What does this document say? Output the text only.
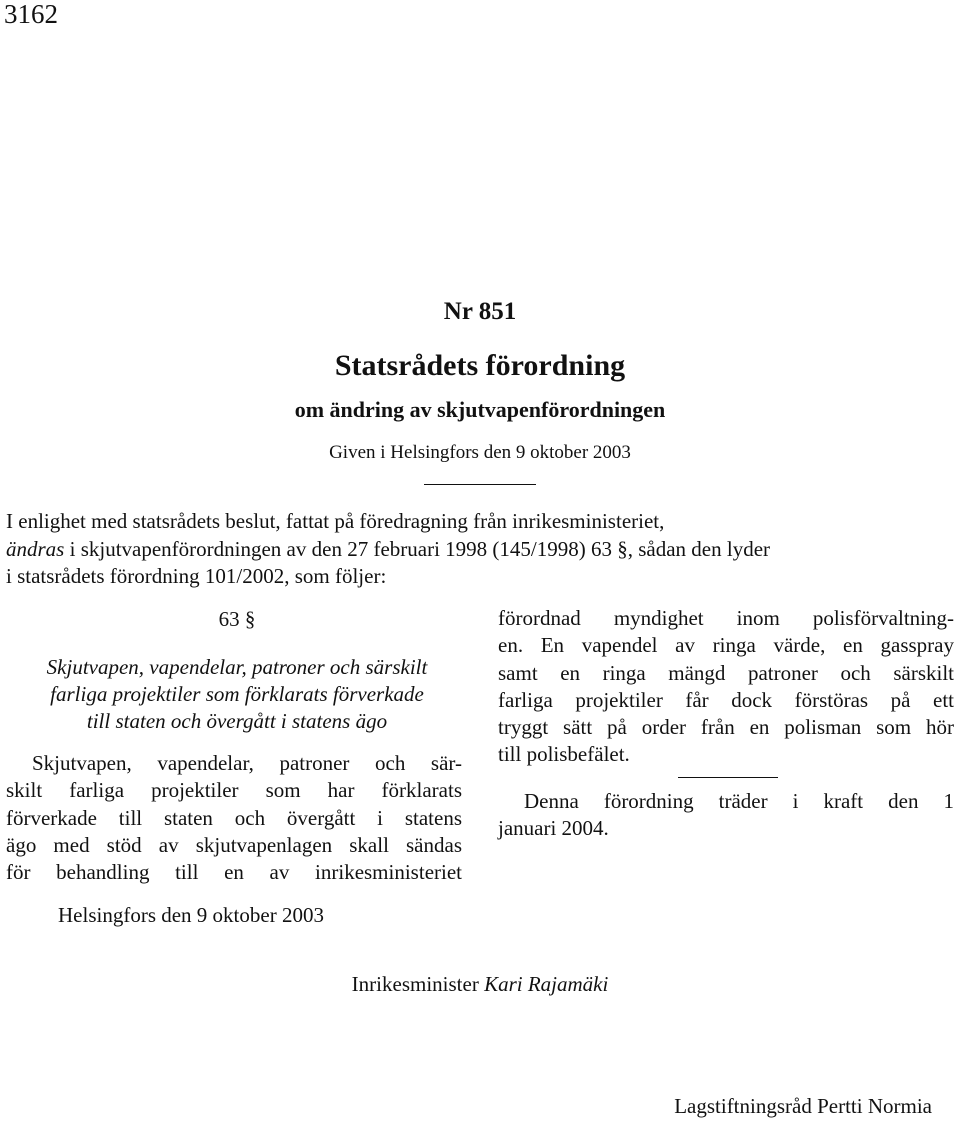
3162
Nr 851
Statsrådets förordning
om ändring av skjutvapenförordningen
Given i Helsingfors den 9 oktober 2003
I enlighet med statsrådets beslut, fattat på föredragning från inrikesministeriet,
ändras i skjutvapenförordningen av den 27 februari 1998 (145/1998) 63 §, sådan den lyder
i statsrådets förordning 101/2002, som följer:
63 §
Skjutvapen, vapendelar, patroner och särskilt
farliga projektiler som förklarats förverkade
till staten och övergått i statens ägo
Skjutvapen, vapendelar, patroner och sär-
skilt farliga projektiler som har förklarats
förverkade till staten och övergått i statens
ägo med stöd av skjutvapenlagen skall sändas
för behandling till en av inrikesministeriet
förordnad myndighet inom polisförvaltning-
en. En vapendel av ringa värde, en gasspray
samt en ringa mängd patroner och särskilt
farliga projektiler får dock förstöras på ett
tryggt sätt på order från en polisman som hör
till polisbefälet.
Denna förordning träder i kraft den 1
januari 2004.
Helsingfors den 9 oktober 2003
Inrikesminister Kari Rajamäki
Lagstiftningsråd Pertti Normia
